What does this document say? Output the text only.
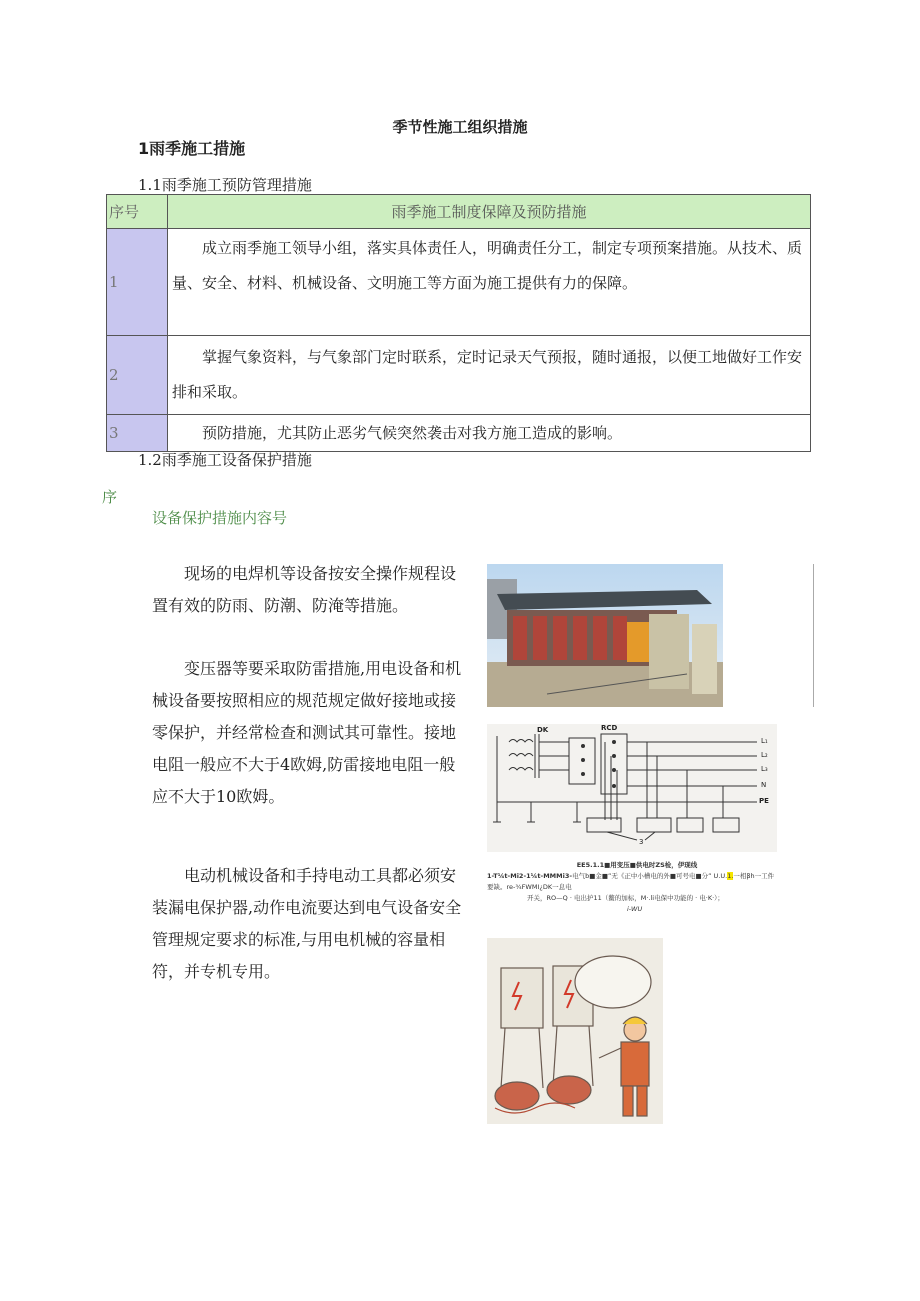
季节性施工组织措施
1雨季施工措施
1.1雨季施工预防管理措施
序号	雨季施工制度保障及预防措施
1	成立雨季施工领导小组，落实具体责任人，明确责任分工，制定专项预案措施。从技术、质量、安全、材料、机械设备、文明施工等方面为施工提供有力的保障。
2	掌握气象资料，与气象部门定时联系，定时记录天气预报，随时通报，以便工地做好工作安排和采取。
3	预防措施，尤其防止恶劣气候突然袭击对我方施工造成的影响。
1.2雨季施工设备保护措施
序
设备保护措施内容号
现场的电焊机等设备按安全操作规程设置有效的防雨、防潮、防淹等措施。
变压器等要采取防雷措施,用电设备和机械设备要按照相应的规范规定做好接地或接零保护，并经常检查和测试其可靠性。接地电阻一般应不大于4欧姆,防雷接地电阻一般应不大于10欧姆。
电动机械设备和手持电动工具都必须安装漏电保护器,动作电流要达到电气设备安全管理规定要求的标准,与用电机械的容量相符，并专机专用。
DK	RCD
L₁
L₂
L₃
N
PE
3
EE5.1.1■用变压■供电时ZS检，伊现线
1-T¼t-Mi2-1¼t-MMMi3-电气b■金■”无《正中小槽电的外■可号电■分” U.U.1.一相βh一工件
要缺。re-¾FWMI¿DK一息电
开关，RO—Q · 电出护11（鳖的加标，M·.li电保中功能的 · 电·K·）；
i-WU
